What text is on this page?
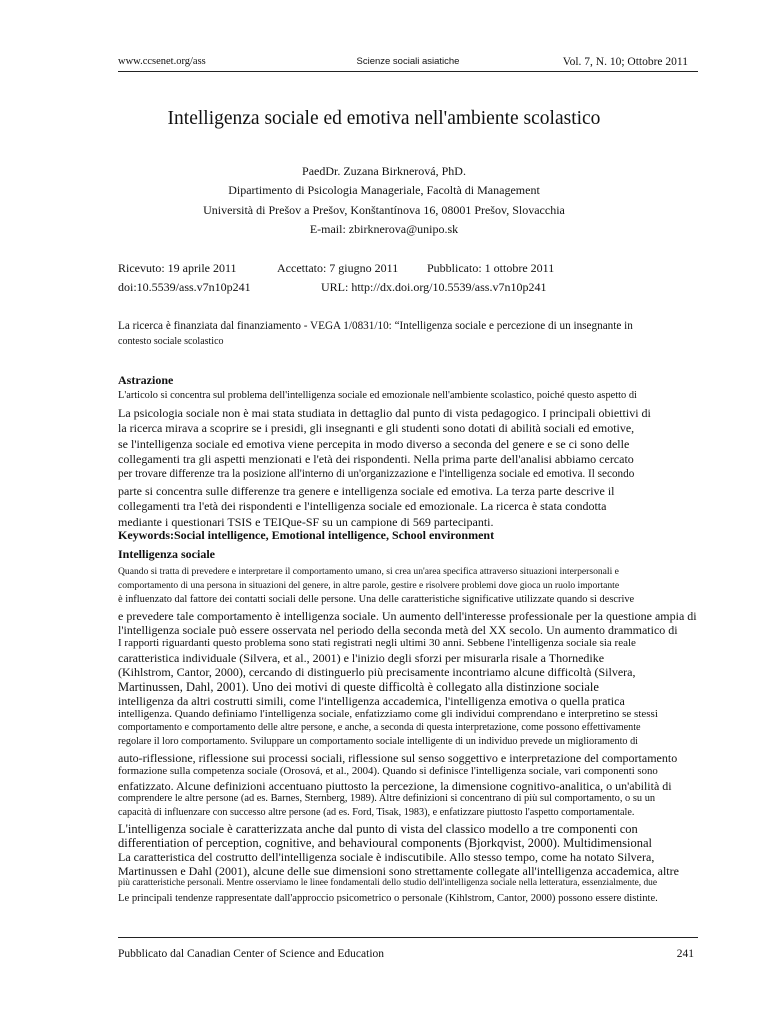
www.ccsenet.org/ass	Scienze sociali asiatiche	Vol. 7, N. 10; Ottobre 2011
Intelligenza sociale ed emotiva nell'ambiente scolastico
PaedDr. Zuzana Birknerová, PhD.
Dipartimento di Psicologia Manageriale, Facoltà di Management
Università di Prešov a Prešov, Konštantínova 16, 08001 Prešov, Slovacchia
E-mail: zbirknerova@unipo.sk
Ricevuto: 19 aprile 2011	Accettato: 7 giugno 2011 Pubblicato: 1 ottobre 2011
doi:10.5539/ass.v7n10p241	URL: http://dx.doi.org/10.5539/ass.v7n10p241
La ricerca è finanziata dal finanziamento - VEGA 1/0831/10: “Intelligenza sociale e percezione di un insegnante in
contesto sociale scolastico
Astrazione
Keywords:Social intelligence, Emotional intelligence, School environment
Intelligenza sociale
Pubblicato dal Canadian Center of Science and Education	241
L'articolo si concentra sul problema dell'intelligenza sociale ed emozionale nell'ambiente scolastico, poiché questo aspetto di
La psicologia sociale non è mai stata studiata in dettaglio dal punto di vista pedagogico. I principali obiettivi di
la ricerca mirava a scoprire se i presidi, gli insegnanti e gli studenti sono dotati di abilità sociali ed emotive,
se l'intelligenza sociale ed emotiva viene percepita in modo diverso a seconda del genere e se ci sono delle
collegamenti tra gli aspetti menzionati e l'età dei rispondenti. Nella prima parte dell'analisi abbiamo cercato
per trovare differenze tra la posizione all'interno di un'organizzazione e l'intelligenza sociale ed emotiva. Il secondo
parte si concentra sulle differenze tra genere e intelligenza sociale ed emotiva. La terza parte descrive il
collegamenti tra l'età dei rispondenti e l'intelligenza sociale ed emozionale. La ricerca è stata condotta
mediante i questionari TSIS e TEIQue-SF su un campione di 569 partecipanti.
Quando si tratta di prevedere e interpretare il comportamento umano, si crea un'area specifica attraverso situazioni interpersonali e
comportamento di una persona in situazioni del genere, in altre parole, gestire e risolvere problemi dove gioca un ruolo importante
è influenzato dal fattore dei contatti sociali delle persone. Una delle caratteristiche significative utilizzate quando si descrive
e prevedere tale comportamento è intelligenza sociale. Un aumento dell'interesse professionale per la questione ampia di
l'intelligenza sociale può essere osservata nel periodo della seconda metà del XX secolo. Un aumento drammatico di
I rapporti riguardanti questo problema sono stati registrati negli ultimi 30 anni. Sebbene l'intelligenza sociale sia reale
caratteristica individuale (Silvera, et al., 2001) e l'inizio degli sforzi per misurarla risale a Thornedike
(Kihlstrom, Cantor, 2000), cercando di distinguerlo più precisamente incontriamo alcune difficoltà (Silvera,
Martinussen, Dahl, 2001). Uno dei motivi di queste difficoltà è collegato alla distinzione sociale
intelligenza da altri costrutti simili, come l'intelligenza accademica, l'intelligenza emotiva o quella pratica
intelligenza. Quando definiamo l'intelligenza sociale, enfatizziamo come gli individui comprendano e interpretino se stessi
comportamento e comportamento delle altre persone, e anche, a seconda di questa interpretazione, come possono effettivamente
regolare il loro comportamento. Sviluppare un comportamento sociale intelligente di un individuo prevede un miglioramento di
auto-riflessione, riflessione sui processi sociali, riflessione sul senso soggettivo e interpretazione del comportamento
formazione sulla competenza sociale (Orosová, et al., 2004). Quando si definisce l'intelligenza sociale, vari componenti sono
enfatizzato. Alcune definizioni accentuano piuttosto la percezione, la dimensione cognitivo-analitica, o un'abilità di
comprendere le altre persone (ad es. Barnes, Sternberg, 1989). Altre definizioni si concentrano di più sul comportamento, o su un
capacità di influenzare con successo altre persone (ad es. Ford, Tisak, 1983), e enfatizzare piuttosto l'aspetto comportamentale.
L'intelligenza sociale è caratterizzata anche dal punto di vista del classico modello a tre componenti con
differentiation of perception, cognitive, and behavioural components (Bjorkqvist, 2000). Multidimensional
La caratteristica del costrutto dell'intelligenza sociale è indiscutibile. Allo stesso tempo, come ha notato Silvera,
Martinussen e Dahl (2001), alcune delle sue dimensioni sono strettamente collegate all'intelligenza accademica, altre
più caratteristiche personali. Mentre osserviamo le linee fondamentali dello studio dell'intelligenza sociale nella letteratura, essenzialmente, due
Le principali tendenze rappresentate dall'approccio psicometrico o personale (Kihlstrom, Cantor, 2000) possono essere distinte.
